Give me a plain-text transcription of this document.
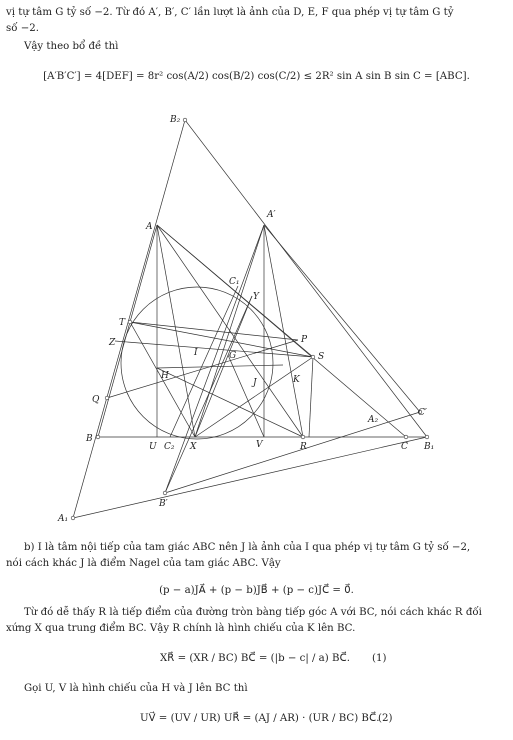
vị tự tâm G tỷ số −2. Từ đó A′, B′, C′ lần lượt là ảnh của D, E, F qua phép vị tự tâm G tỷ
số −2.
Vậy theo bổ đề thì
[A′B′C′] = 4[DEF] = 8r² cos(A/2) cos(B/2) cos(C/2) ≤ 2R² sin A sin B sin C = [ABC].
B₂
A
A′
C₁
Y
T
P
Z
S
I	G
H
J	K
Q
A₂
C′
B
U C₂ X	V	R	C B₁
B′
A₁
b) I là tâm nội tiếp của tam giác ABC nên J là ảnh của I qua phép vị tự tâm G tỷ số −2,
nói cách khác J là điểm Nagel của tam giác ABC. Vậy
(p − a)JA⃗ + (p − b)JB⃗ + (p − c)JC⃗ = 0⃗.
Từ đó dễ thấy R là tiếp điểm của đường tròn bàng tiếp góc A với BC, nói cách khác R đối
xứng X qua trung điểm BC. Vậy R chính là hình chiếu của K lên BC.
XR⃗ = (XR / BC) BC⃗ = (|b − c| / a) BC⃗.	(1)
Gọi U, V là hình chiếu của H và J lên BC thì
UV⃗ = (UV / UR) UR⃗ = (AJ / AR) · (UR / BC) BC⃗.
(2)
